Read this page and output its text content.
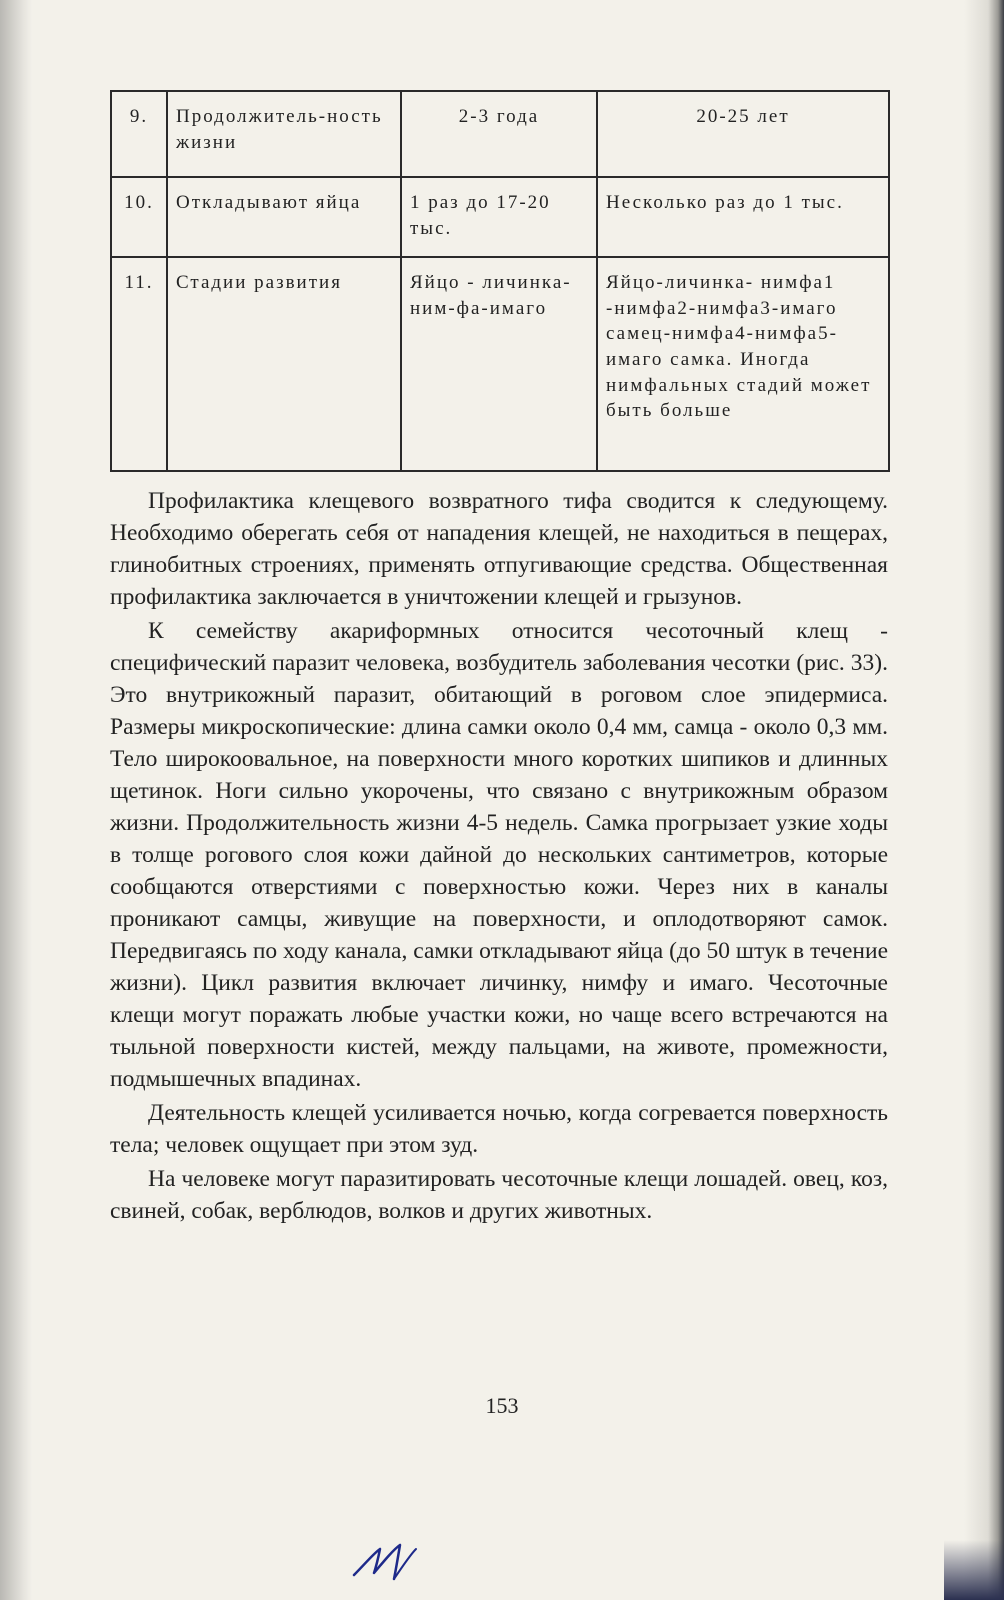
9.	Продолжитель-ность жизни	2-3 года	20-25 лет
10.	Откладывают яйца	1 раз до 17-20 тыс.	Несколько раз до 1 тыс.
11.	Стадии развития	Яйцо - личинка-ним-фа-имаго	Яйцо-личинка- нимфа1 -нимфа2-нимфа3-имаго самец-нимфа4-нимфа5-имаго самка. Иногда нимфальных стадий может быть больше

Профилактика клещевого возвратного тифа сводится к следующему. Необходимо оберегать себя от нападения клещей, не находиться в пещерах, глинобитных строениях, применять отпугивающие средства. Общественная профилактика заключается в уничтожении клещей и грызунов.

К семейству акариформных относится чесоточный клещ - специфический паразит человека, возбудитель заболевания чесотки (рис. 33). Это внутрикожный паразит, обитающий в роговом слое эпидермиса. Размеры микроскопичеcкие: длина самки около 0,4 мм, самца - около 0,3 мм. Тело широкоовальное, на поверхности много коротких шипиков и длинных щетинок. Ноги сильно укорочены, что связано с внутрикожным образом жизни. Продолжительность жизни 4-5 недель. Самка прогрызает узкие ходы в толще рогового слоя кожи дайной до нескольких сантиметров, которые сообщаются отверстиями с поверхностью кожи. Через них в каналы проникают самцы, живущие на поверхности, и оплодотворяют самок. Передвигаясь по ходу канала, самки откладывают яйца (до 50 штук в течение жизни). Цикл развития включает личинку, нимфу и имаго. Чесоточные клещи могут поражать любые участки кожи, но чаще всего встречаются на тыльной поверхности кистей, между пальцами, на животе, промежности, подмышечных впадинах.

Деятельность клещей усиливается ночью, когда согревается поверхность тела; человек ощущает при этом зуд.

На человеке могут паразитировать чесоточные клещи лошадей. овец, коз, свиней, собак, верблюдов, волков и других животных.

153
